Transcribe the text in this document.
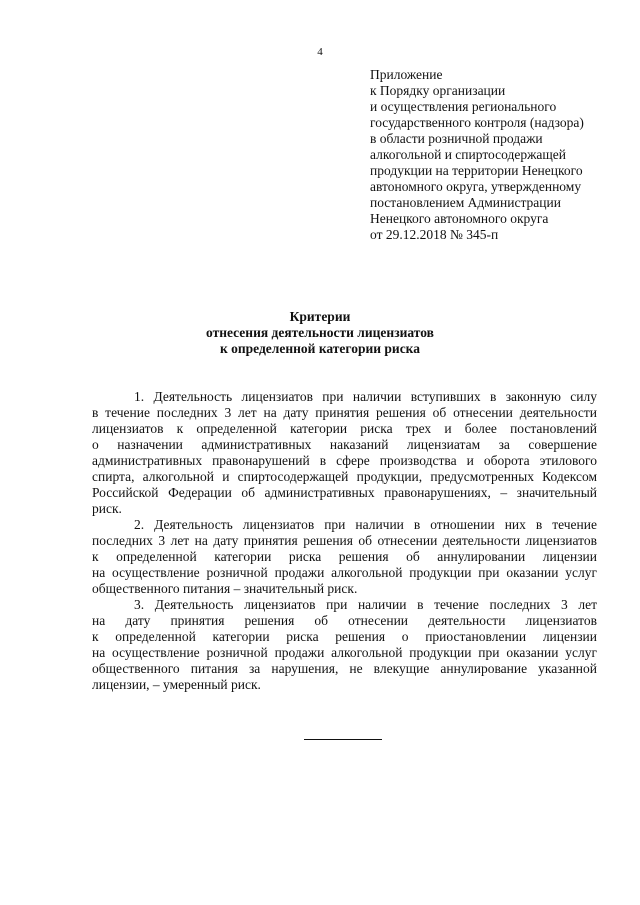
4
Приложение
к Порядку организации
и осуществления регионального
государственного контроля (надзора)
в области розничной продажи
алкогольной и спиртосодержащей
продукции на территории Ненецкого
автономного округа, утвержденному
постановлением Администрации
Ненецкого автономного округа
от 29.12.2018 № 345-п
Критерии
отнесения деятельности лицензиатов
к определенной категории риска
1. Деятельность лицензиатов при наличии вступивших в законную силу
в течение последних 3 лет на дату принятия решения об отнесении деятельности
лицензиатов к определенной категории риска трех и более постановлений
о назначении административных наказаний лицензиатам за совершение
административных правонарушений в сфере производства и оборота этилового
спирта, алкогольной и спиртосодержащей продукции, предусмотренных Кодексом
Российской Федерации об административных правонарушениях, – значительный
риск.
2. Деятельность лицензиатов при наличии в отношении них в течение
последних 3 лет на дату принятия решения об отнесении деятельности лицензиатов
к определенной категории риска решения об аннулировании лицензии
на осуществление розничной продажи алкогольной продукции при оказании услуг
общественного питания – значительный риск.
3. Деятельность лицензиатов при наличии в течение последних 3 лет
на дату принятия решения об отнесении деятельности лицензиатов
к определенной категории риска решения о приостановлении лицензии
на осуществление розничной продажи алкогольной продукции при оказании услуг
общественного питания за нарушения, не влекущие аннулирование указанной
лицензии, – умеренный риск.
